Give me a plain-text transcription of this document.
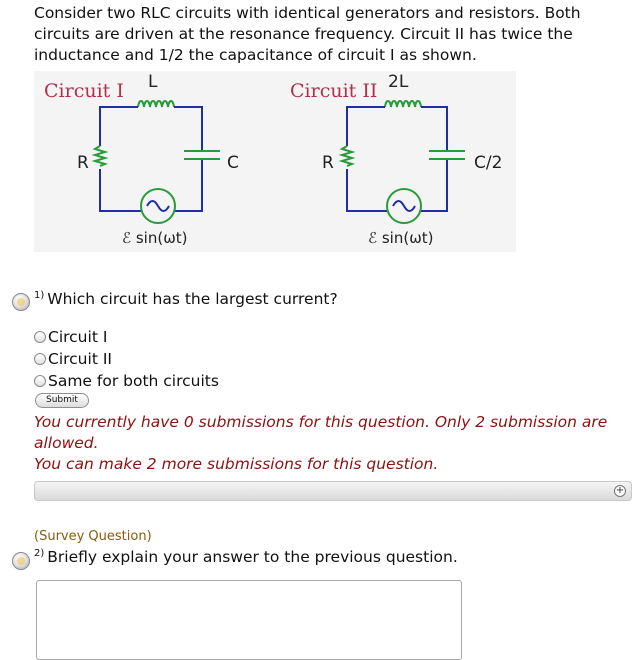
Consider two RLC circuits with identical generators and resistors. Both
circuits are driven at the resonance frequency. Circuit II has twice the
inductance and 1/2 the capacitance of circuit I as shown.
Circuit I L
R	C
ℰ sin(ωt)
Circuit II 2L
R	C/2
ℰ sin(ωt)
$^{1)}$ Which circuit has the largest current?
Circuit I
Circuit II
Same for both circuits
Submit
You currently have 0 submissions for this question. Only 2 submission are
allowed.
You can make 2 more submissions for this question.
+
(Survey Question)
$^{2)}$ Briefly explain your answer to the previous question.
